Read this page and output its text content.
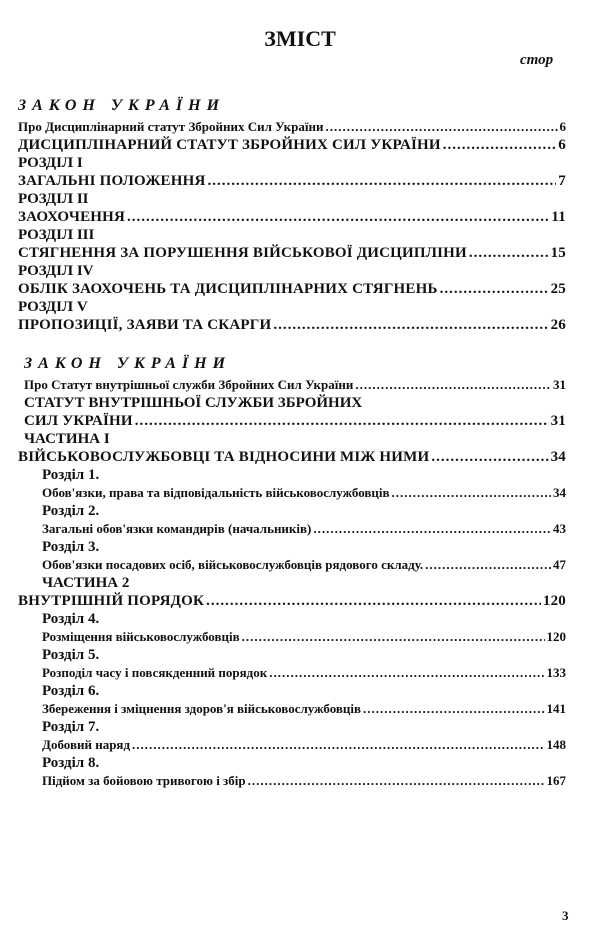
ЗМІСТ
стор
ЗАКОН УКРАЇНИ
Про Дисциплінарний статут Збройних Сил України .....	6
ДИСЦИПЛІНАРНИЙ СТАТУТ ЗБРОЙНИХ СИЛ УКРАЇНИ .....	6
РОЗДІЛ І
ЗАГАЛЬНІ ПОЛОЖЕННЯ .....	7
РОЗДІЛ ІІ
ЗАОХОЧЕННЯ .....	11
РОЗДІЛ ІІІ
СТЯГНЕННЯ ЗА ПОРУШЕННЯ ВІЙСЬКОВОЇ ДИСЦИПЛІНИ .....	15
РОЗДІЛ IV
ОБЛІК ЗАОХОЧЕНЬ ТА ДИСЦИПЛІНАРНИХ СТЯГНЕНЬ .....	25
РОЗДІЛ V
ПРОПОЗИЦІЇ, ЗАЯВИ ТА СКАРГИ .....	26
ЗАКОН УКРАЇНИ
Про Статут внутрішньої служби Збройних Сил України .....	31
СТАТУТ ВНУТРІШНЬОЇ СЛУЖБИ ЗБРОЙНИХ
СИЛ УКРАЇНИ .....	31
ЧАСТИНА І
ВІЙСЬКОВОСЛУЖБОВЦІ ТА ВІДНОСИНИ МІЖ НИМИ .....	34
Розділ 1.
Обов'язки, права та відповідальність військовослужбовців .....	34
Розділ 2.
Загальні обов'язки командирів (начальників) .....	43
Розділ 3.
Обов'язки посадових осіб, військовослужбовців рядового складу. .....	47
ЧАСТИНА 2
ВНУТРІШНІЙ ПОРЯДОК .....	120
Розділ 4.
Розміщення військовослужбовців .....	120
Розділ 5.
Розподіл часу і повсякденний порядок .....	133
Розділ 6.
Збереження і зміцнення здоров'я військовослужбовців .....	141
Розділ 7.
Добовий наряд .....	148
Розділ 8.
Підйом за бойовою тривогою і збір .....	167
3
